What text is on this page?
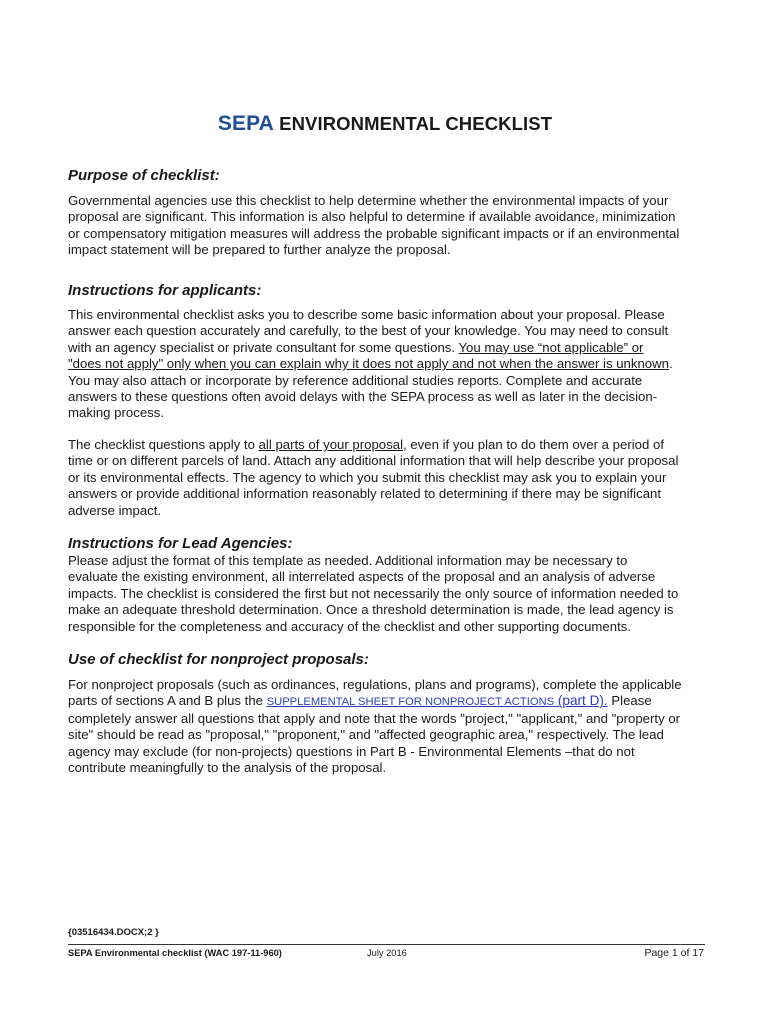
SEPA ENVIRONMENTAL CHECKLIST
Purpose of checklist:
Governmental agencies use this checklist to help determine whether the environmental impacts of your
proposal are significant. This information is also helpful to determine if available avoidance, minimization
or compensatory mitigation measures will address the probable significant impacts or if an environmental
impact statement will be prepared to further analyze the proposal.
Instructions for applicants:
This environmental checklist asks you to describe some basic information about your proposal. Please
answer each question accurately and carefully, to the best of your knowledge. You may need to consult
with an agency specialist or private consultant for some questions. You may use “not applicable” or
"does not apply" only when you can explain why it does not apply and not when the answer is unknown.
You may also attach or incorporate by reference additional studies reports. Complete and accurate
answers to these questions often avoid delays with the SEPA process as well as later in the decision-
making process.
The checklist questions apply to all parts of your proposal, even if you plan to do them over a period of
time or on different parcels of land. Attach any additional information that will help describe your proposal
or its environmental effects. The agency to which you submit this checklist may ask you to explain your
answers or provide additional information reasonably related to determining if there may be significant
adverse impact.
Instructions for Lead Agencies:
Please adjust the format of this template as needed. Additional information may be necessary to
evaluate the existing environment, all interrelated aspects of the proposal and an analysis of adverse
impacts. The checklist is considered the first but not necessarily the only source of information needed to
make an adequate threshold determination. Once a threshold determination is made, the lead agency is
responsible for the completeness and accuracy of the checklist and other supporting documents.
Use of checklist for nonproject proposals:
For nonproject proposals (such as ordinances, regulations, plans and programs), complete the applicable
parts of sections A and B plus the SUPPLEMENTAL SHEET FOR NONPROJECT ACTIONS (part D). Please
completely answer all questions that apply and note that the words "project," "applicant," and "property or
site" should be read as "proposal," "proponent," and "affected geographic area," respectively. The lead
agency may exclude (for non-projects) questions in Part B - Environmental Elements –that do not
contribute meaningfully to the analysis of the proposal.
{03516434.DOCX;2 }
SEPA Environmental checklist (WAC 197-11-960)	July 2016	Page 1 of 17
